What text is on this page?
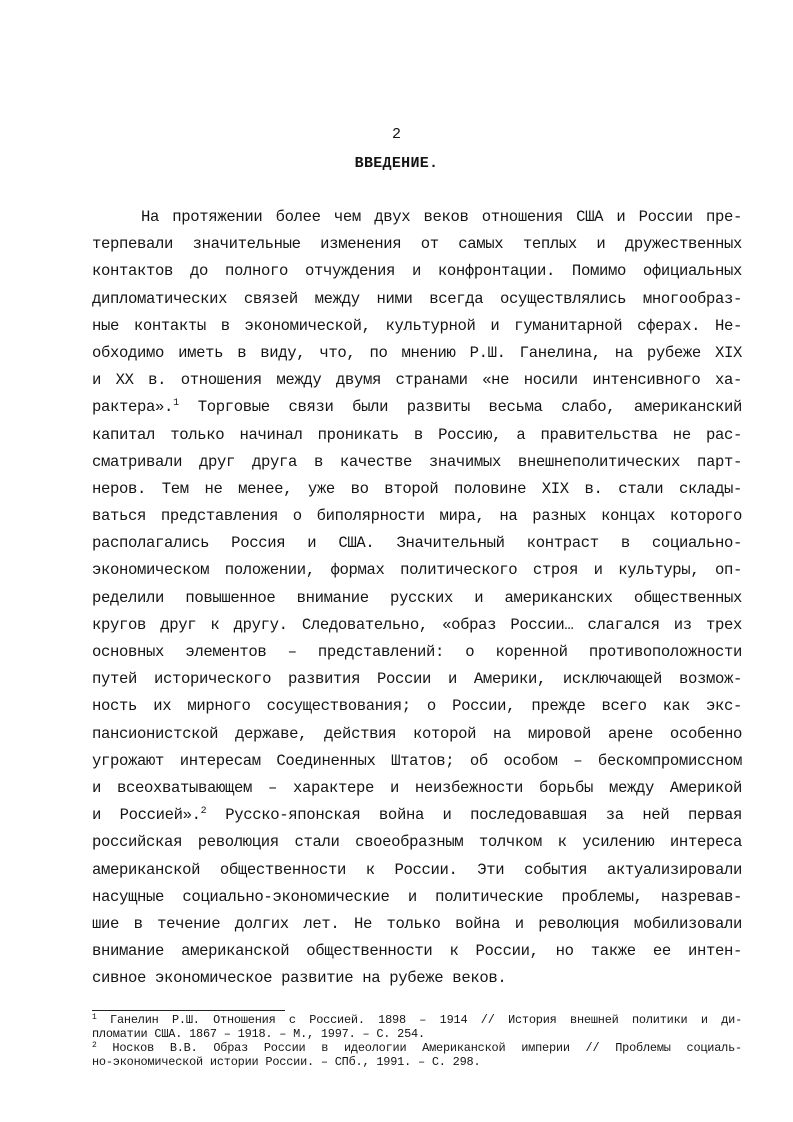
2
ВВЕДЕНИЕ.
На протяжении более чем двух веков отношения США и России пре-
терпевали значительные изменения от самых теплых и дружественных
контактов до полного отчуждения и конфронтации. Помимо официальных
дипломатических связей между ними всегда осуществлялись многообраз-
ные контакты в экономической, культурной и гуманитарной сферах. Не-
обходимо иметь в виду, что, по мнению Р.Ш. Ганелина, на рубеже XIX
и XX в. отношения между двумя странами «не носили интенсивного ха-
рактера».$^1$ Торговые связи были развиты весьма слабо, американский
капитал только начинал проникать в Россию, а правительства не рас-
сматривали друг друга в качестве значимых внешнеполитических парт-
неров. Тем не менее, уже во второй половине XIX в. стали склады-
ваться представления о биполярности мира, на разных концах которого
располагались Россия и США. Значительный контраст в социально-
экономическом положении, формах политического строя и культуры, оп-
ределили повышенное внимание русских и американских общественных
кругов друг к другу. Следовательно, «образ России… слагался из трех
основных элементов – представлений: о коренной противоположности
путей исторического развития России и Америки, исключающей возмож-
ность их мирного сосуществования; о России, прежде всего как экс-
пансионистской державе, действия которой на мировой арене особенно
угрожают интересам Соединенных Штатов; об особом – бескомпромиссном
и всеохватывающем – характере и неизбежности борьбы между Америкой
и Россией».$^2$ Русско-японская война и последовавшая за ней первая
российская революция стали своеобразным толчком к усилению интереса
американской общественности к России. Эти события актуализировали
насущные социально-экономические и политические проблемы, назревав-
шие в течение долгих лет. Не только война и революция мобилизовали
внимание американской общественности к России, но также ее интен-
сивное экономическое развитие на рубеже веков.
$^1$ Ганелин Р.Ш. Отношения с Россией. 1898 – 1914 // История внешней политики и ди-
пломатии США. 1867 – 1918. – М., 1997. – С. 254.
$^2$ Носков В.В. Образ России в идеологии Американской империи // Проблемы социаль-
но-экономической истории России. – СПб., 1991. – С. 298.
